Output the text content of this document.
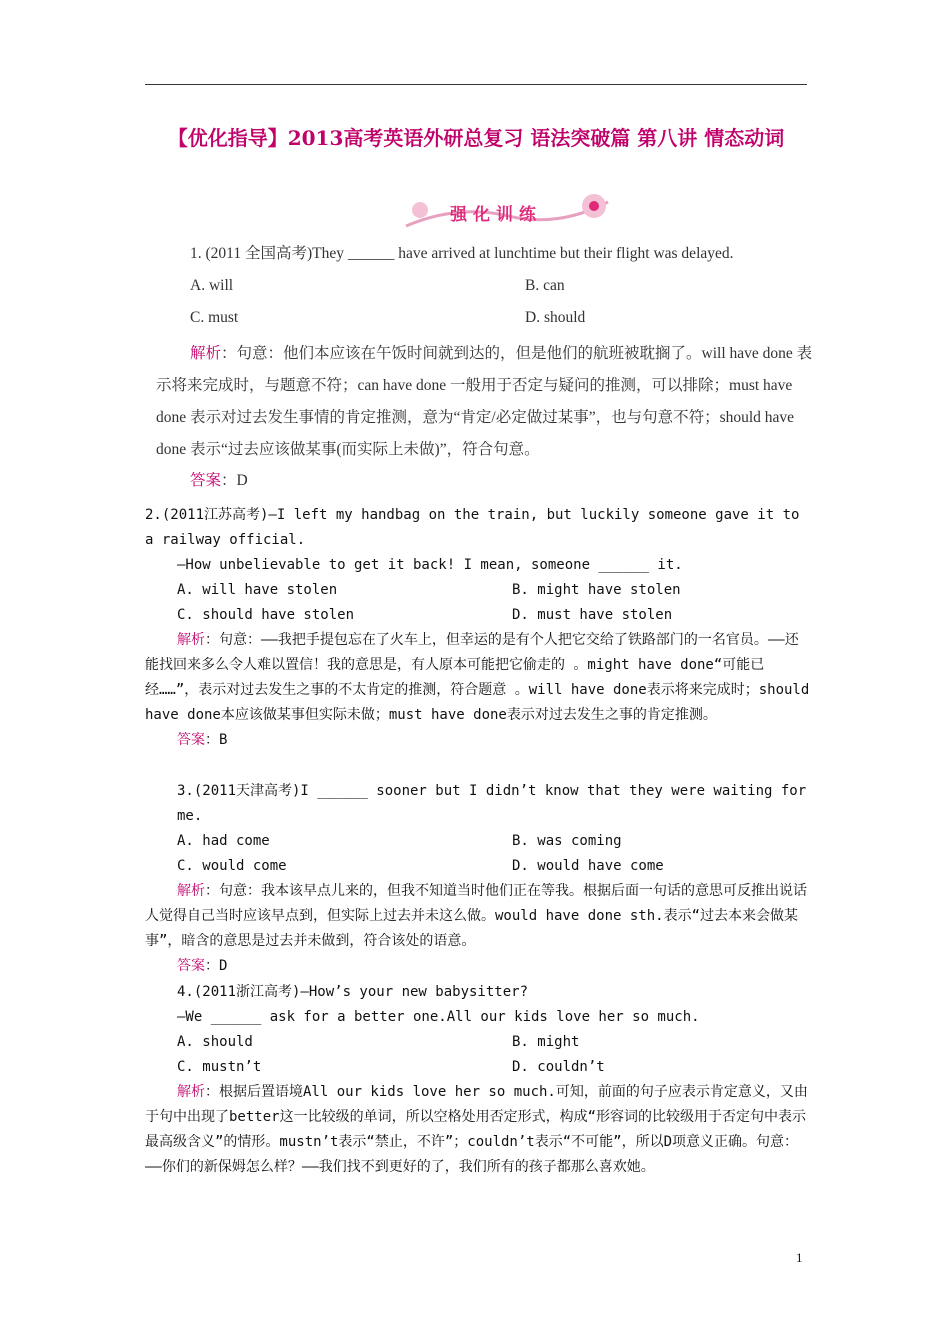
【优化指导】2013高考英语外研总复习 语法突破篇 第八讲 情态动词
强化训练
1. (2011 全国高考)They ______ have arrived at lunchtime but their flight was delayed.
A. will	B. can
C. must	D. should
解析：句意：他们本应该在午饭时间就到达的，但是他们的航班被耽搁了。will have done 表示将来完成时，与题意不符；can have done 一般用于否定与疑问的推测，可以排除；must have done 表示对过去发生事情的肯定推测，意为“肯定/必定做过某事”，也与句意不符；should have done 表示“过去应该做某事(而实际上未做)”，符合句意。
答案：D
2.(2011江苏高考)—I left my handbag on the train, but luckily someone gave it to a railway official.
—How unbelievable to get it back! I mean, someone ______ it.
A. will have stolen	B. might have stolen
C. should have stolen	D. must have stolen
解析：句意：——我把手提包忘在了火车上，但幸运的是有个人把它交给了铁路部门的一名官员。——还能找回来多么令人难以置信！我的意思是，有人原本可能把它偷走的 。might have done“可能已经……”，表示对过去发生之事的不太肯定的推测，符合题意 。will have done表示将来完成时；should have done本应该做某事但实际未做；must have done表示对过去发生之事的肯定推测。
答案：B
3.(2011天津高考)I ______ sooner but I didn’t know that they were waiting for me.
A. had come	B. was coming
C. would come	D. would have come
解析：句意：我本该早点儿来的，但我不知道当时他们正在等我。根据后面一句话的意思可反推出说话人觉得自己当时应该早点到，但实际上过去并未这么做。would have done sth.表示“过去本来会做某事”，暗含的意思是过去并未做到，符合该处的语意。
答案：D
4.(2011浙江高考)—How’s your new babysitter?
—We ______ ask for a better one.All our kids love her so much.
A. should	B. might
C. mustn’t	D. couldn’t
解析：根据后置语境All our kids love her so much.可知，前面的句子应表示肯定意义，又由于句中出现了better这一比较级的单词，所以空格处用否定形式，构成“形容词的比较级用于否定句中表示最高级含义”的情形。mustn’t表示“禁止，不许”；couldn’t表示“不可能”，所以D项意义正确。句意：——你们的新保姆怎么样？——我们找不到更好的了，我们所有的孩子都那么喜欢她。
1
